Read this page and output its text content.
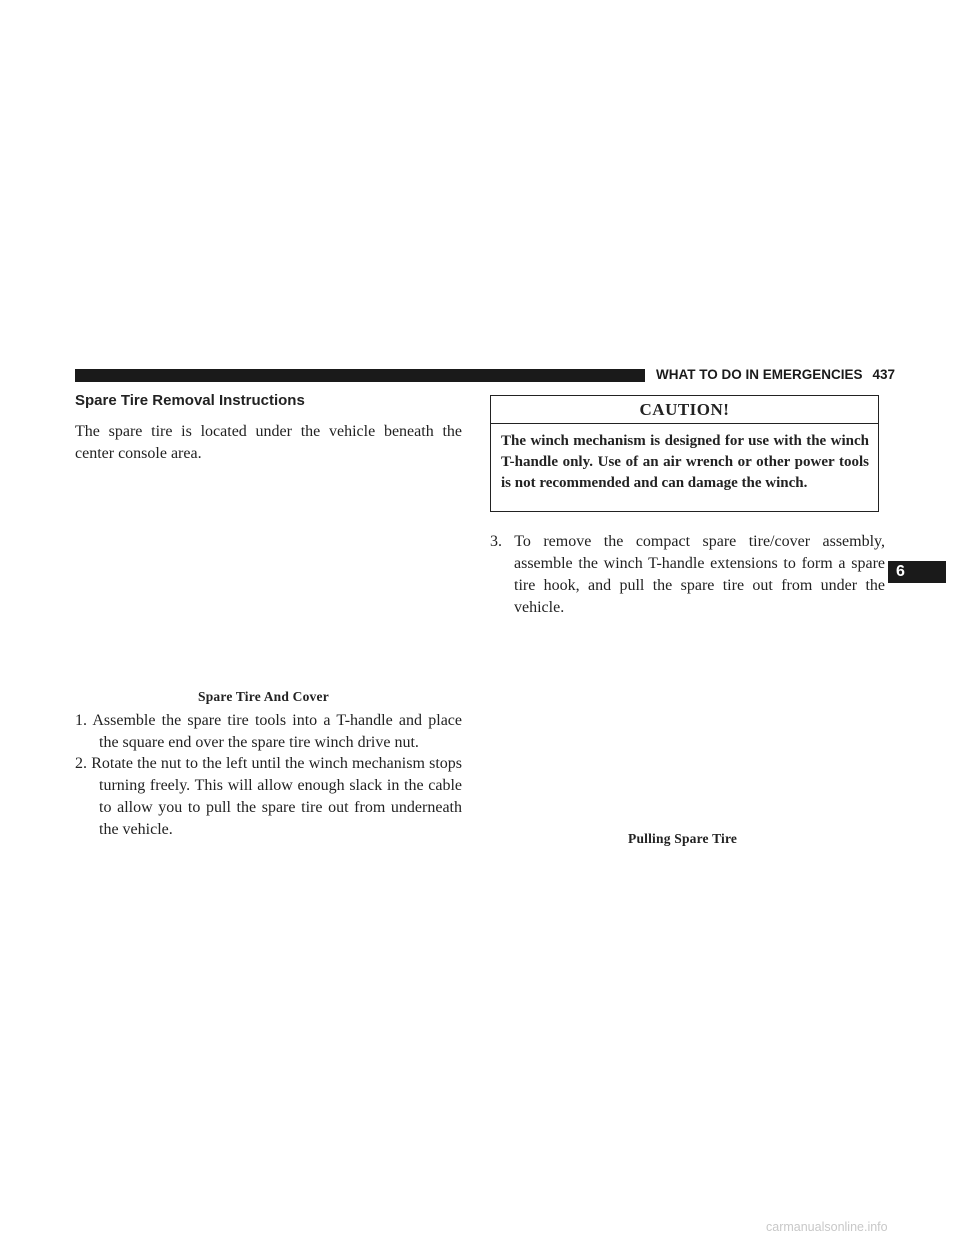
WHAT TO DO IN EMERGENCIES 437
Spare Tire Removal Instructions

The spare tire is located under the vehicle beneath the center console area.

Spare Tire And Cover

1. Assemble the spare tire tools into a T-handle and place the square end over the spare tire winch drive nut.

2. Rotate the nut to the left until the winch mechanism stops turning freely. This will allow enough slack in the cable to allow you to pull the spare tire out from underneath the vehicle.

CAUTION!

The winch mechanism is designed for use with the winch T-handle only. Use of an air wrench or other power tools is not recommended and can damage the winch.

3. To remove the compact spare tire/cover assembly, assemble the winch T-handle extensions to form a spare tire hook, and pull the spare tire out from under the vehicle.

Pulling Spare Tire

6

carmanualsonline.info
